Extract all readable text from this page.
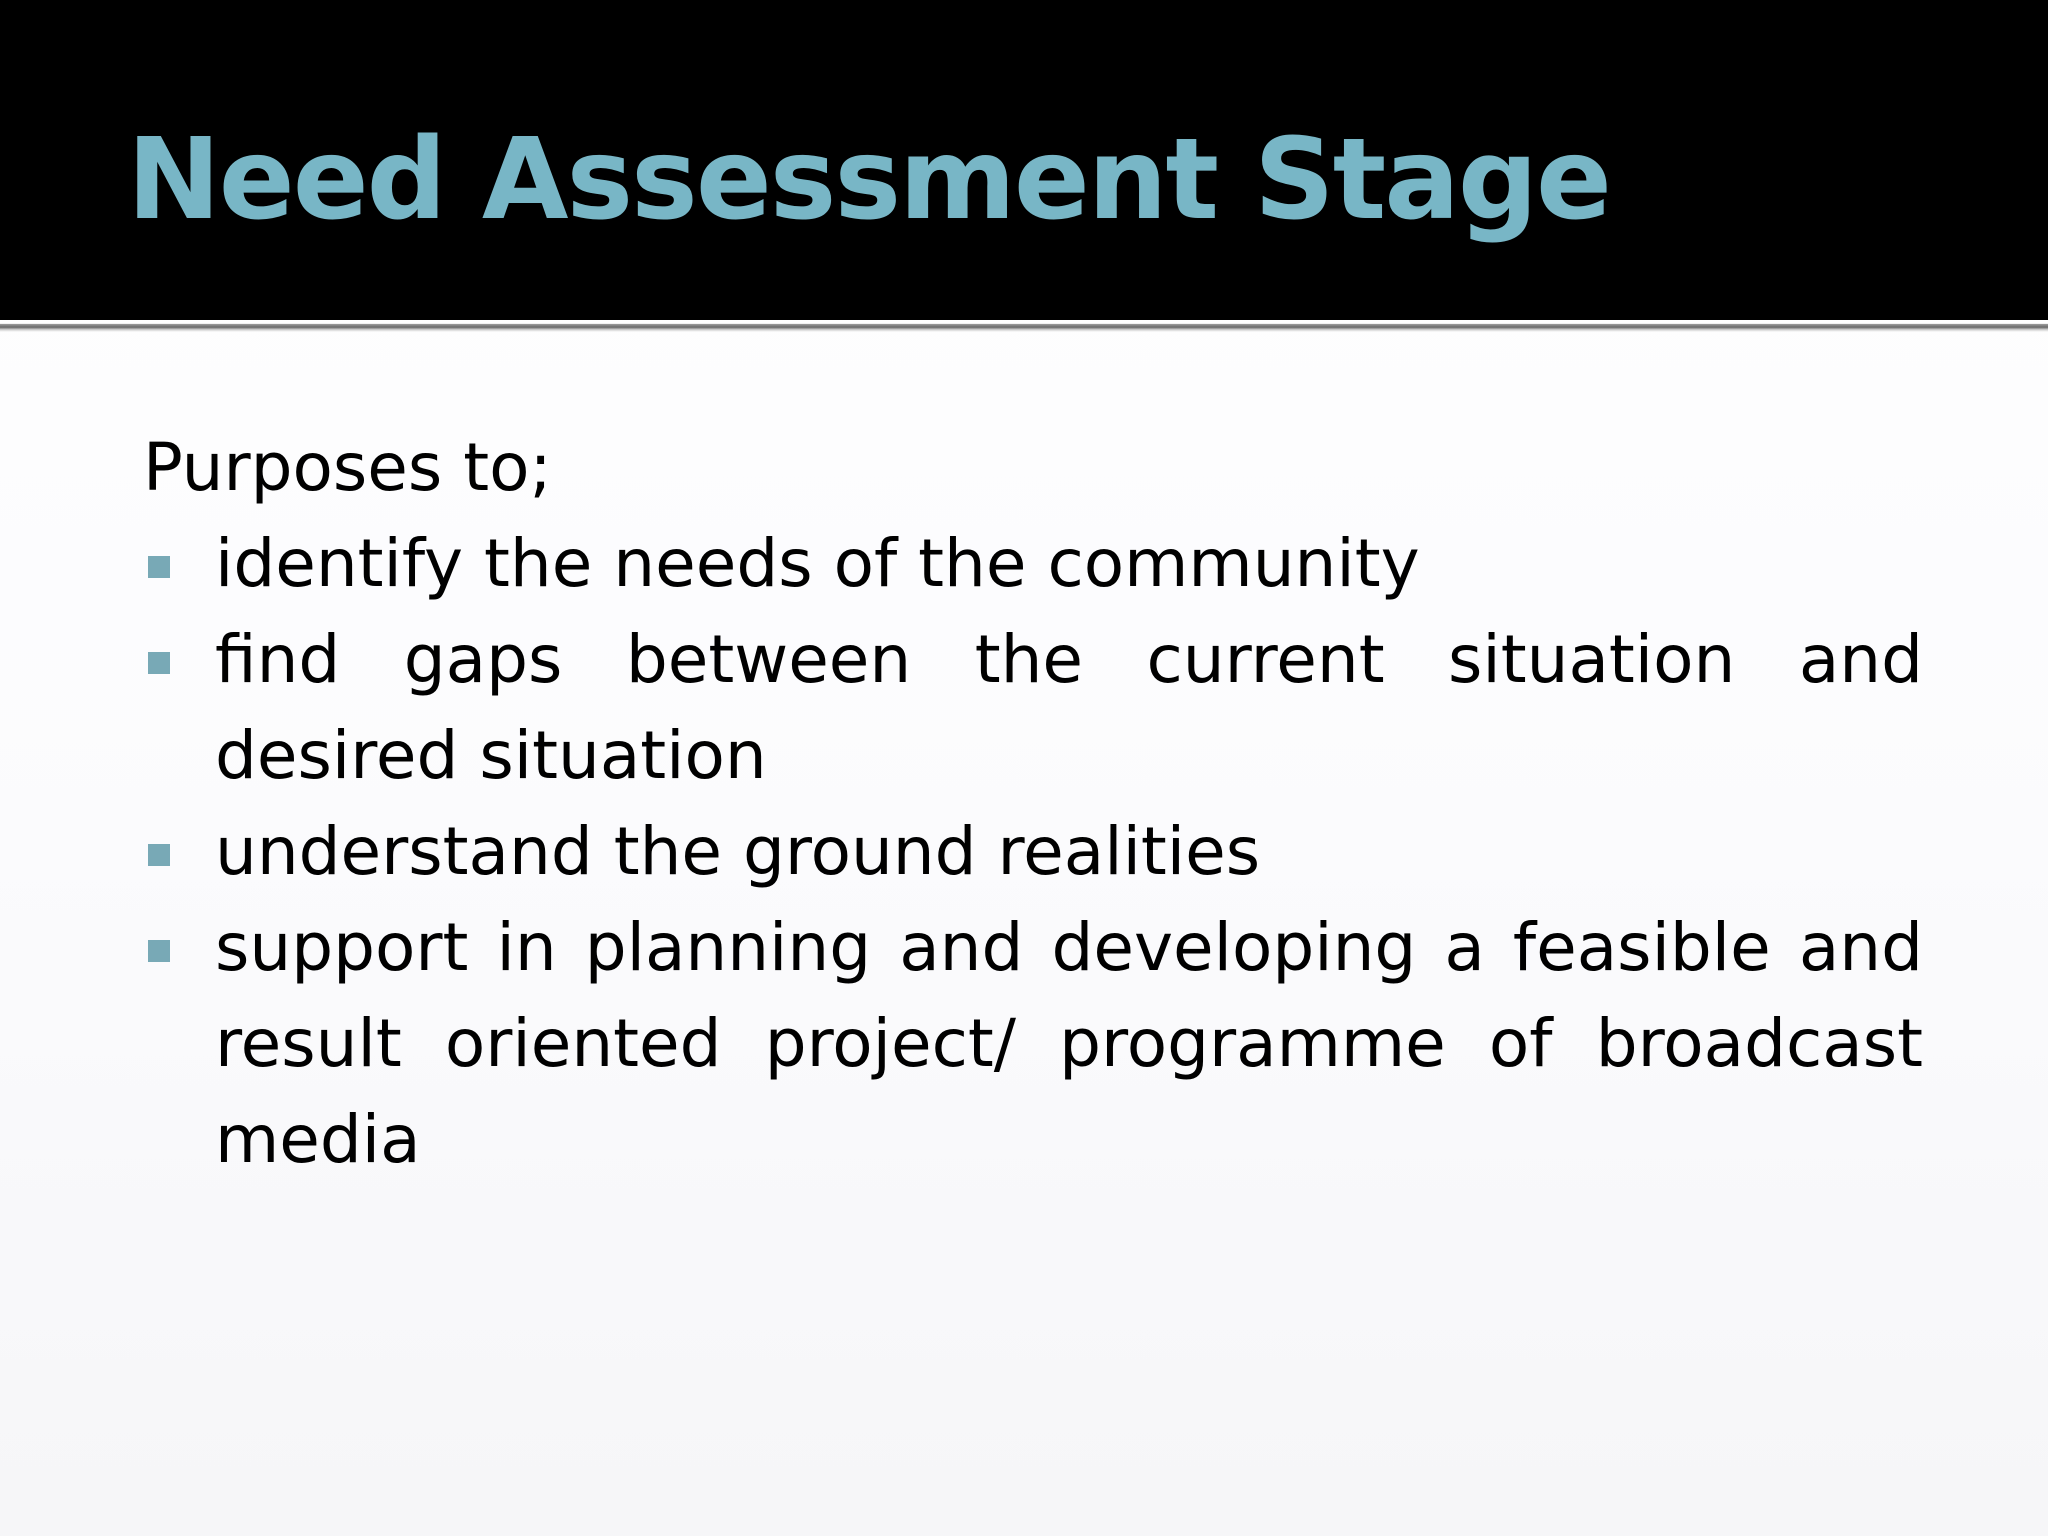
Need Assessment Stage

Purposes to;

identify the needs of the community
find gaps between the current situation and desired situation
understand the ground realities
support in planning and developing a feasible and result oriented project/ programme of broadcast media
